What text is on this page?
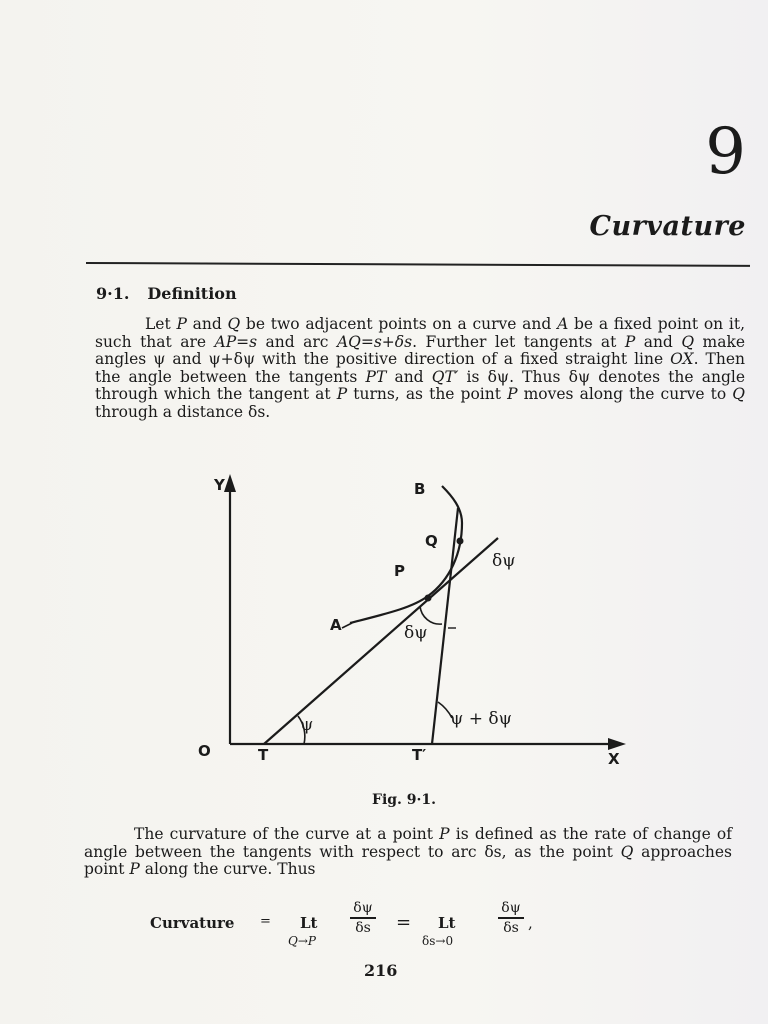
9
Curvature
9·1. Definition
Let P and Q be two adjacent points on a curve and A be a fixed point on it, such that are AP=s and arc AQ=s+δs. Further let tangents at P and Q make angles ψ and ψ+δψ with the positive direction of a fixed straight line OX. Then the angle between the tangents PT and QT′ is δψ. Thus δψ denotes the angle through which the tangent at P turns, as the point P moves along the curve to Q through a distance δs.
Y
O	X
T	T′
B
Q
P
A
ψ
δψ
δψ
ψ + δψ
Fig. 9·1.
The curvature of the curve at a point P is defined as the rate of change of angle between the tangents with respect to arc δs, as the point Q approaches point P along the curve. Thus
Curvature = Lt
Q→P
δψ
δs = Lt
δs→0
δψ
δs ,
216
